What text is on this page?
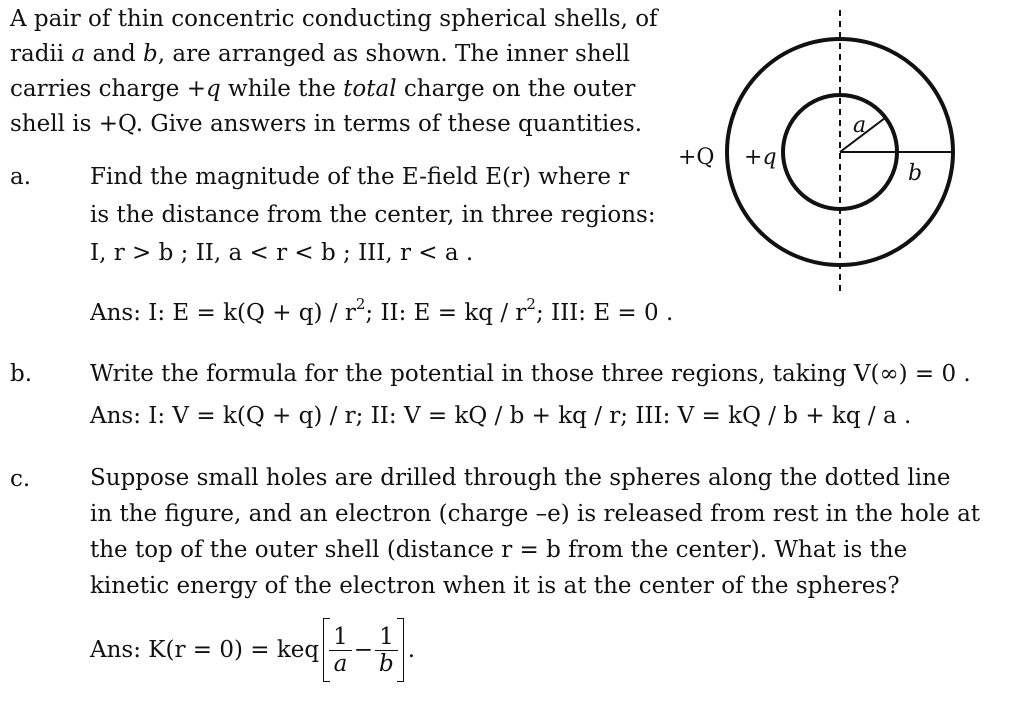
A pair of thin concentric conducting spherical shells, of
radii a and b, are arranged as shown. The inner shell
carries charge +q while the total charge on the outer
shell is +Q. Give answers in terms of these quantities.
a.	Find the magnitude of the E-field E(r) where r
is the distance from the center, in three regions:
I, r > b ; II, a < r < b ; III, r < a .
Ans: I: $E = k(Q + q) / r^2$; II: E = kq / $r^2$; III: E = 0 .
b.	Write the formula for the potential in those three regions, taking V(∞) = 0 .
Ans: I: V = k(Q + q) / r; II: V = kQ / b + kq / r; III: V = kQ / b + kq / a .
c.	Suppose small holes are drilled through the spheres along the dotted line
in the figure, and an electron (charge –e) is released from rest in the hole at
the top of the outer shell (distance r = b from the center). What is the
kinetic energy of the electron when it is at the center of the spheres?
Ans: K(r = 0) = keq $\frac{1}{a} - \frac{1}{b}$ .
+Q +q
a
b
